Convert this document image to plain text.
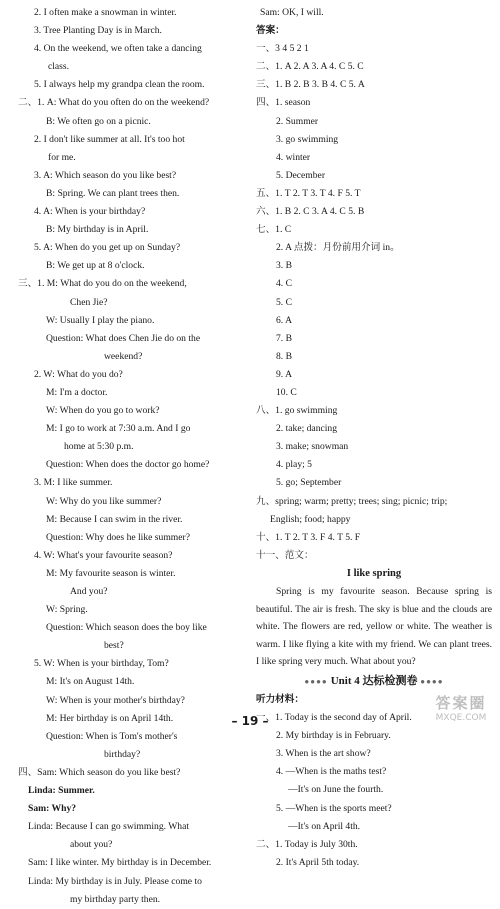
2. I often make a snowman in winter.
3. Tree Planting Day is in March.
4. On the weekend, we often take a dancing
class.
5. I always help my grandpa clean the room.
二、1. A: What do you often do on the weekend?
B: We often go on a picnic.
2. I don't like summer at all. It's too hot
for me.
3. A: Which season do you like best?
B: Spring. We can plant trees then.
4. A: When is your birthday?
B: My birthday is in April.
5. A: When do you get up on Sunday?
B: We get up at 8 o'clock.
三、1. M: What do you do on the weekend,
Chen Jie?
W: Usually I play the piano.
Question: What does Chen Jie do on the
weekend?
2. W: What do you do?
M: I'm a doctor.
W: When do you go to work?
M: I go to work at 7:30 a.m. And I go
home at 5:30 p.m.
Question: When does the doctor go home?
3. M: I like summer.
W: Why do you like summer?
M: Because I can swim in the river.
Question: Why does he like summer?
4. W: What's your favourite season?
M: My favourite season is winter.
And you?
W: Spring.
Question: Which season does the boy like
best?
5. W: When is your birthday, Tom?
M: It's on August 14th.
W: When is your mother's birthday?
M: Her birthday is on April 14th.
Question: When is Tom's mother's
birthday?
四、Sam: Which season do you like best?
Linda: Summer.
Sam: Why?
Linda: Because I can go swimming. What
about you?
Sam: I like winter. My birthday is in December.
Linda: My birthday is in July. Please come to
my birthday party then.
Sam: OK, I will.
答案：
一、3 4 5 2 1
二、1. A 2. A 3. A 4. C 5. C
三、1. B 2. B 3. B 4. C 5. A
四、1. season
2. Summer
3. go swimming
4. winter
5. December
五、1. T 2. T 3. T 4. F 5. T
六、1. B 2. C 3. A 4. C 5. B
七、1. C
2. A 点拨：月份前用介词 in。
3. B
4. C
5. C
6. A
7. B
8. B
9. A
10. C
八、1. go swimming
2. take; dancing
3. make; snowman
4. play; 5
5. go; September
九、spring; warm; pretty; trees; sing; picnic; trip;
English; food; happy
十、1. T 2. T 3. F 4. T 5. F
十一、范文：
I like spring
Spring is my favourite season. Because spring is beautiful. The air is fresh. The sky is blue and the clouds are white. The flowers are red, yellow or white. The weather is warm. I like flying a kite with my friend. We can plant trees. I like spring very much. What about you?
●●●● Unit 4 达标检测卷 ●●●●
听力材料：
一、1. Today is the second day of April.
2. My birthday is in February.
3. When is the art show?
4. —When is the maths test?
—It's on June the fourth.
5. —When is the sports meet?
—It's on April 4th.
二、1. Today is July 30th.
2. It's April 5th today.
– 19 –
答案圈
MXQE.COM
